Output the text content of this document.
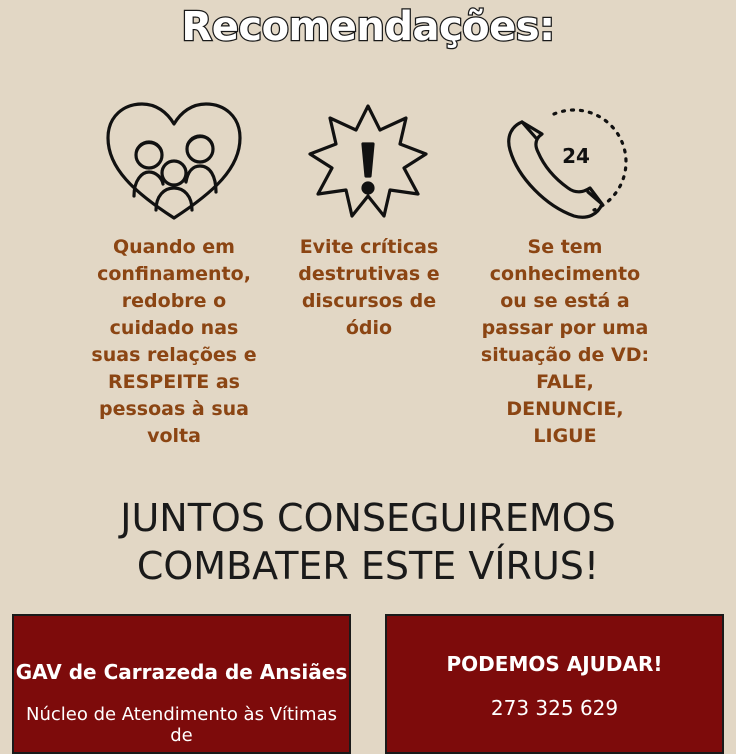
Recomendações:
24
Quando em
confinamento,
redobre o
cuidado nas
suas relações e
RESPEITE as
pessoas à sua
volta
Evite críticas
destrutivas e
discursos de
ódio
Se tem
conhecimento
ou se está a
passar por uma
situação de VD:
FALE,
DENUNCIE,
LIGUE
JUNTOS CONSEGUIREMOS
COMBATER ESTE VÍRUS!
GAV de Carrazeda de Ansiães
Núcleo de Atendimento às Vítimas de
PODEMOS AJUDAR!
273 325 629
